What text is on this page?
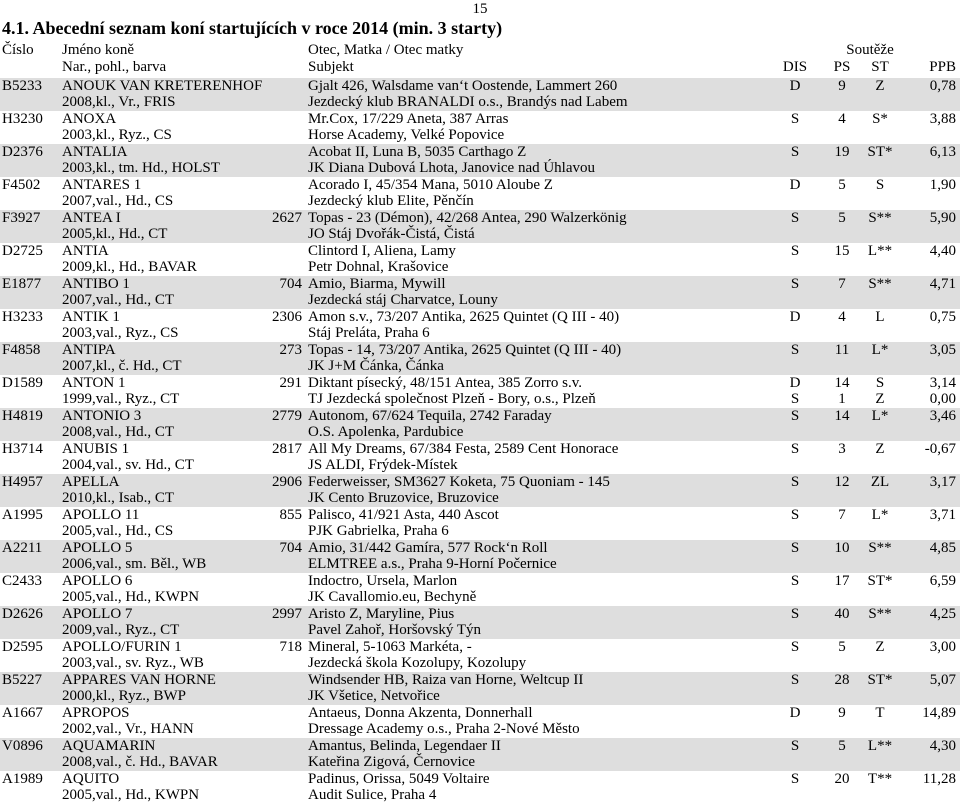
15
4.1. Abecední seznam koní startujících v roce 2014 (min. 3 starty)
Číslo Jméno koně	Otec, Matka / Otec matky	Soutěže
Nar., pohl., barva	Subjekt	DIS	PS	ST	PPB
B5233 ANOUK VAN KRETERENHOF	Gjalt 426, Walsdame van‘t Oostende, Lammert 260	D	9	Z	0,78
2008,kl., Vr., FRIS	Jezdecký klub BRANALDI o.s., Brandýs nad Labem
H3230 ANOXA	Mr.Cox, 17/229 Aneta, 387 Arras	S	4	S*	3,88
2003,kl., Ryz., CS	Horse Academy, Velké Popovice
D2376 ANTALIA	Acobat II, Luna B, 5035 Carthago Z	S	19	ST*	6,13
2003,kl., tm. Hd., HOLST	JK Diana Dubová Lhota, Janovice nad Úhlavou
F4502 ANTARES 1	Acorado I, 45/354 Mana, 5010 Aloube Z	D	5	S	1,90
2007,val., Hd., CS	Jezdecký klub Elite, Pěnčín
F3927 ANTEA I	2627 Topas - 23 (Démon), 42/268 Antea, 290 Walzerkönig	S	5	S**	5,90
2005,kl., Hd., CT	JO Stáj Dvořák-Čistá, Čistá
D2725 ANTIA	Clintord I, Aliena, Lamy	S	15	L**	4,40
2009,kl., Hd., BAVAR	Petr Dohnal, Krašovice
E1877 ANTIBO 1	704 Amio, Biarma, Mywill	S	7	S**	4,71
2007,val., Hd., CT	Jezdecká stáj Charvatce, Louny
H3233 ANTIK 1	2306 Amon s.v., 73/207 Antika, 2625 Quintet (Q III - 40)	D	4	L	0,75
2003,val., Ryz., CS	Stáj Preláta, Praha 6
F4858 ANTIPA	273 Topas - 14, 73/207 Antika, 2625 Quintet (Q III - 40)	S	11	L*	3,05
2007,kl., č. Hd., CT	JK J+M Čánka, Čánka
D1589 ANTON 1	291 Diktant písecký, 48/151 Antea, 385 Zorro s.v.	D	14	S	3,14
1999,val., Ryz., CT	TJ Jezdecká společnost Plzeň - Bory, o.s., Plzeň	S	1	Z	0,00
H4819 ANTONIO 3	2779 Autonom, 67/624 Tequila, 2742 Faraday	S	14	L*	3,46
2008,val., Hd., CT	O.S. Apolenka, Pardubice
H3714 ANUBIS 1	2817 All My Dreams, 67/384 Festa, 2589 Cent Honorace	S	3	Z	-0,67
2004,val., sv. Hd., CT	JS ALDI, Frýdek-Místek
H4957 APELLA	2906 Federweisser, SM3627 Koketa, 75 Quoniam - 145	S	12	ZL	3,17
2010,kl., Isab., CT	JK Cento Bruzovice, Bruzovice
A1995 APOLLO 11	855 Palisco, 41/921 Asta, 440 Ascot	S	7	L*	3,71
2005,val., Hd., CS	PJK Gabrielka, Praha 6
A2211 APOLLO 5	704 Amio, 31/442 Gamíra, 577 Rock‘n Roll	S	10	S**	4,85
2006,val., sm. Běl., WB	ELMTREE a.s., Praha 9-Horní Počernice
C2433 APOLLO 6	Indoctro, Ursela, Marlon	S	17	ST*	6,59
2005,val., Hd., KWPN	JK Cavallomio.eu, Bechyně
D2626 APOLLO 7	2997 Aristo Z, Maryline, Pius	S	40	S**	4,25
2009,val., Ryz., CT	Pavel Zahoř, Horšovský Týn
D2595 APOLLO/FURIN 1	718 Mineral, 5-1063 Markéta, -	S	5	Z	3,00
2003,val., sv. Ryz., WB	Jezdecká škola Kozolupy, Kozolupy
B5227 APPARES VAN HORNE	Windsender HB, Raiza van Horne, Weltcup II	S	28	ST*	5,07
2000,kl., Ryz., BWP	JK Všetice, Netvořice
A1667 APROPOS	Antaeus, Donna Akzenta, Donnerhall	D	9	T	14,89
2002,val., Vr., HANN	Dressage Academy o.s., Praha 2-Nové Město
V0896 AQUAMARIN	Amantus, Belinda, Legendaer II	S	5	L**	4,30
2008,val., č. Hd., BAVAR	Kateřina Zigová, Černovice
A1989 AQUITO	Padinus, Orissa, 5049 Voltaire	S	20	T**	11,28
2005,val., Hd., KWPN	Audit Sulice, Praha 4
